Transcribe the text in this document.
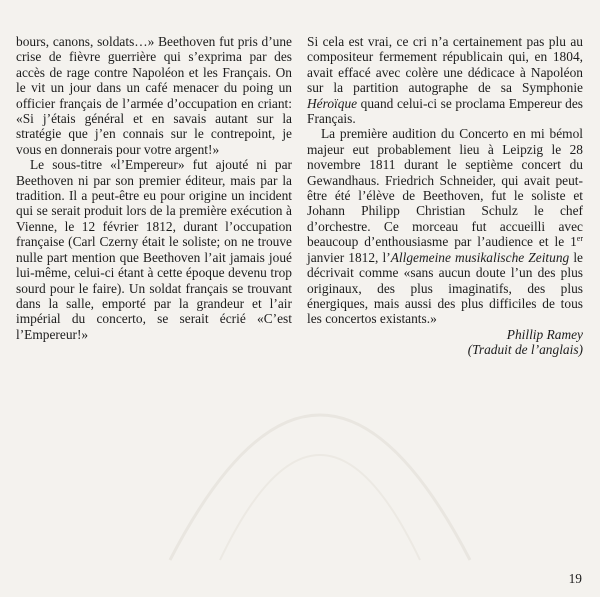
bours, canons, soldats…» Beethoven fut pris d’une crise de fièvre guerrière qui s’exprima par des accès de rage contre Napoléon et les Français. On le vit un jour dans un café menacer du poing un officier français de l’armée d’occupation en criant: «Si j’étais général et en savais autant sur la stratégie que j’en connais sur le contrepoint, je vous en donnerais pour votre argent!»

Le sous-titre «l’Empereur» fut ajouté ni par Beethoven ni par son premier éditeur, mais par la tradition. Il a peut-être eu pour origine un incident qui se serait produit lors de la première exécution à Vienne, le 12 février 1812, durant l’occupation française (Carl Czerny était le soliste; on ne trouve nulle part mention que Beethoven l’ait jamais joué lui-même, celui-ci étant à cette époque devenu trop sourd pour le faire). Un soldat français se trouvant dans la salle, emporté par la grandeur et l’air impérial du concerto, se serait écrié «C’est l’Empereur!»

Si cela est vrai, ce cri n’a certainement pas plu au compositeur fermement républicain qui, en 1804, avait effacé avec colère une dédicace à Napoléon sur la partition autographe de sa Symphonie Héroïque quand celui-ci se proclama Empereur des Français.

La première audition du Concerto en mi bémol majeur eut probablement lieu à Leipzig le 28 novembre 1811 durant le septième concert du Gewandhaus. Friedrich Schneider, qui avait peut-être été l’élève de Beethoven, fut le soliste et Johann Philipp Christian Schulz le chef d’orchestre. Ce morceau fut accueilli avec beaucoup d’enthousiasme par l’audience et le 1er janvier 1812, l’Allgemeine musikalische Zeitung le décrivait comme «sans aucun doute l’un des plus originaux, des plus imaginatifs, des plus énergiques, mais aussi des plus difficiles de tous les concertos existants.»

Phillip Ramey

(Traduit de l’anglais)

19
